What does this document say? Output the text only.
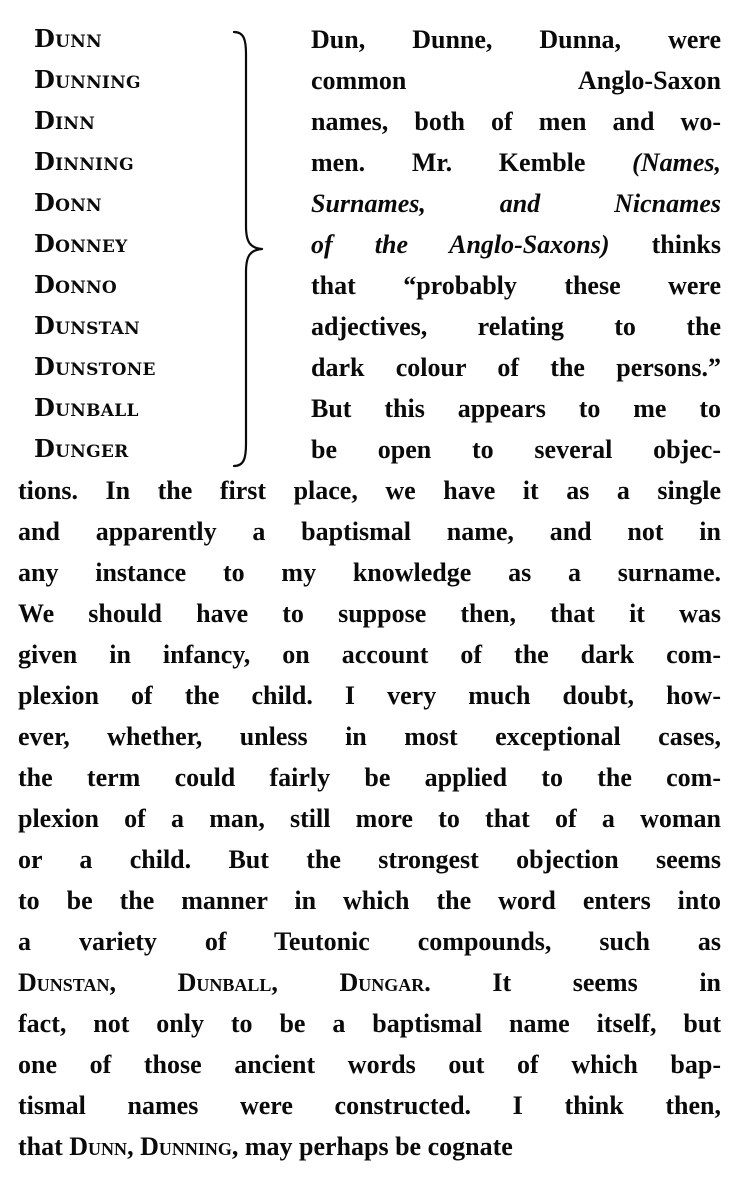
Dunn
Dunning
Dinn
Dinning
Donn
Donney
Donno
Dunstan
Dunstone
Dunball
Dunger
Dun, Dunne, Dunna, were
common Anglo-Saxon
names, both of men and wo-
men. Mr. Kemble (Names,
Surnames, and Nicnames
of the Anglo-Saxons) thinks
that “probably these were
adjectives, relating to the
dark colour of the persons.”
But this appears to me to
be open to several objec-
tions. In the first place, we have it as a single
and apparently a baptismal name, and not in
any instance to my knowledge as a surname.
We should have to suppose then, that it was
given in infancy, on account of the dark com-
plexion of the child. I very much doubt, how-
ever, whether, unless in most exceptional cases,
the term could fairly be applied to the com-
plexion of a man, still more to that of a woman
or a child. But the strongest objection seems
to be the manner in which the word enters into
a variety of Teutonic compounds, such as
Dunstan, Dunball, Dungar. It seems in
fact, not only to be a baptismal name itself, but
one of those ancient words out of which bap-
tismal names were constructed. I think then,
that Dunn, Dunning, may perhaps be cognate
